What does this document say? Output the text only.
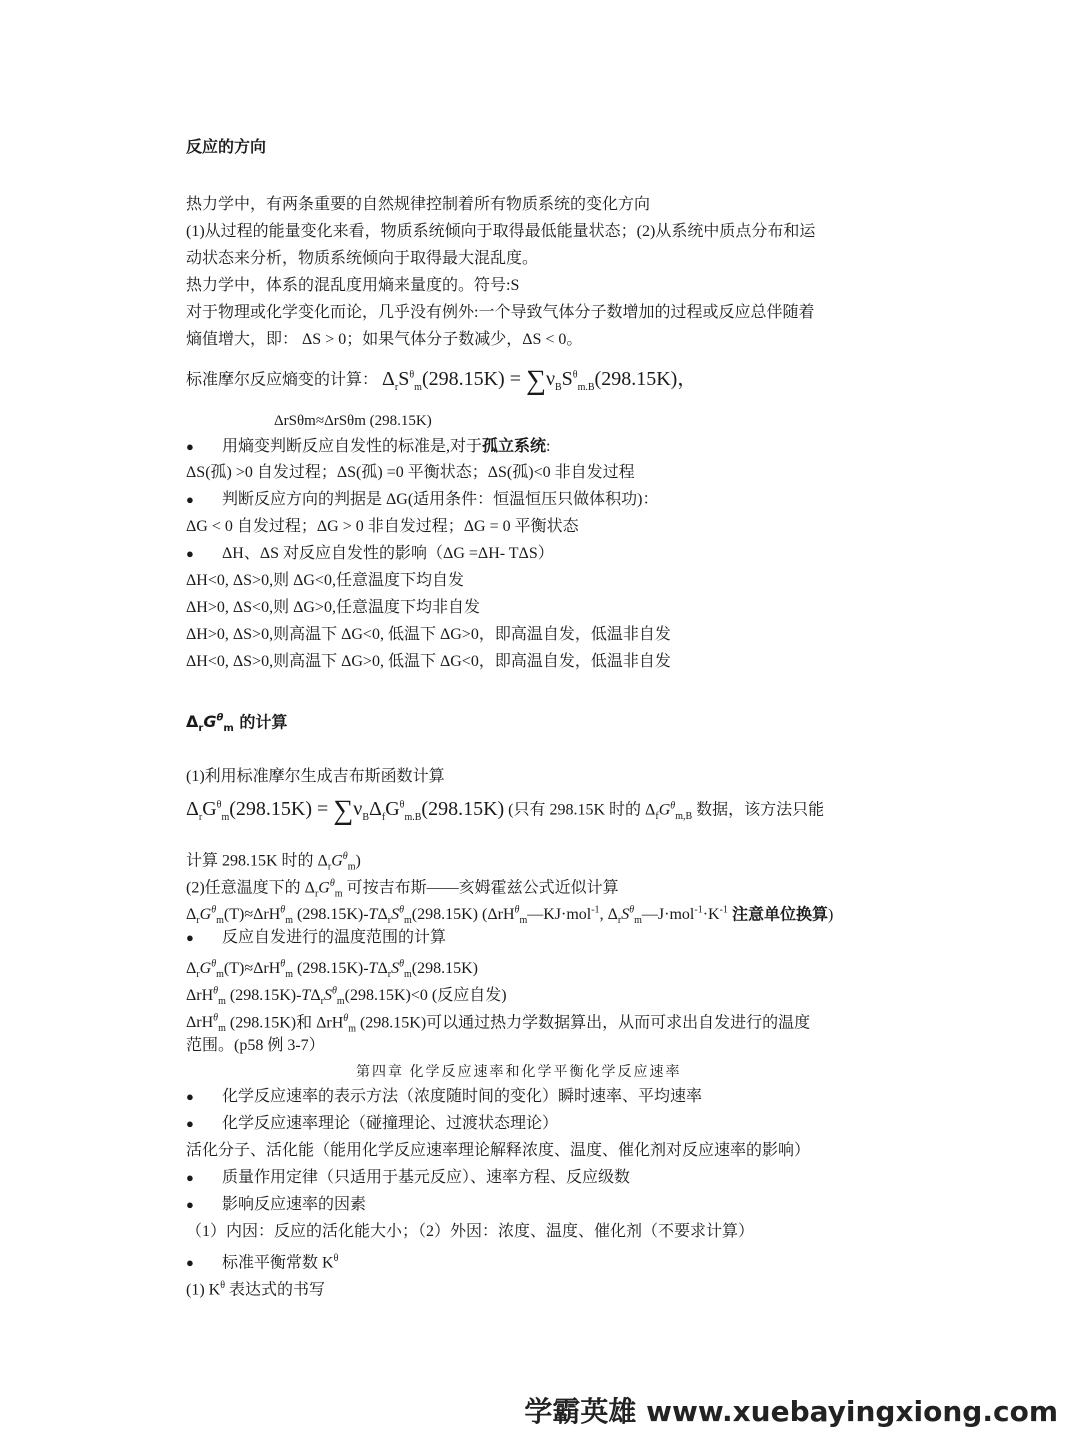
反应的方向
热力学中，有两条重要的自然规律控制着所有物质系统的变化方向
(1)从过程的能量变化来看，物质系统倾向于取得最低能量状态；(2)从系统中质点分布和运
动状态来分析，物质系统倾向于取得最大混乱度。
热力学中，体系的混乱度用熵来量度的。符号:S
对于物理或化学变化而论，几乎没有例外:一个导致气体分子数增加的过程或反应总伴随着
熵值增大，即： ΔS > 0；如果气体分子数减少，ΔS < 0。
标准摩尔反应熵变的计算： $\Delta_rS^\theta_m(298.15K) = \sum\nu_BS^\theta_{m.B}(298.15K)$，
ΔrSθm≈ΔrSθm (298.15K)
●用熵变判断反应自发性的标准是,对于孤立系统:
ΔS(孤) >0 自发过程；ΔS(孤) =0 平衡状态；ΔS(孤)<0 非自发过程
●判断反应方向的判据是 ΔG(适用条件：恒温恒压只做体积功)：
ΔG < 0 自发过程；ΔG > 0 非自发过程；ΔG = 0 平衡状态
●ΔH、ΔS 对反应自发性的影响（ΔG =ΔH- TΔS）
ΔH<0, ΔS>0,则 ΔG<0,任意温度下均自发
ΔH>0, ΔS<0,则 ΔG>0,任意温度下均非自发
ΔH>0, ΔS>0,则高温下 ΔG<0, 低温下 ΔG>0，即高温自发，低温非自发
ΔH<0, ΔS>0,则高温下 ΔG>0, 低温下 ΔG<0，即高温自发，低温非自发
$\Delta_rG^\theta_m$ 的计算
(1)利用标准摩尔生成吉布斯函数计算
$\Delta_rG^\theta_m(298.15K) = \sum\nu_B\Delta_fG^\theta_{m.B}(298.15K)$ (只有 298.15K 时的 $\Delta_fG^\theta_{m,B}$ 数据，该方法只能
计算 298.15K 时的 $\Delta_rG^\theta_m$)
(2)任意温度下的 $\Delta_rG^\theta_m$ 可按吉布斯——亥姆霍兹公式近似计算
$\Delta_rG^\theta_m(T)\approx\Delta rH^\theta_m$ $(298.15K)-T\Delta_rS^\theta_m(298.15K)$ (ΔrH$^\theta_m$—KJ·mol$^{-1}$, $\Delta_rS^\theta_m—J\cdot mol^{-1}\cdot K^{-1}$ 注意单位换算)
●反应自发进行的温度范围的计算
$\Delta_rG^\theta_m(T)\approx\Delta rH^\theta_m$ $(298.15K)-T\Delta_rS^\theta_m(298.15K)$
ΔrH$^\theta_m$ $(298.15K)-T\Delta_rS^\theta_m(298.15K)<0$ (反应自发)
ΔrH$^\theta_m$ (298.15K)和 ΔrH$^\theta_m$ (298.15K)可以通过热力学数据算出，从而可求出自发进行的温度
范围。(p58 例 3-7）
第四章 化学反应速率和化学平衡化学反应速率
●化学反应速率的表示方法（浓度随时间的变化）瞬时速率、平均速率
●化学反应速率理论（碰撞理论、过渡状态理论）
活化分子、活化能（能用化学反应速率理论解释浓度、温度、催化剂对反应速率的影响）
●质量作用定律（只适用于基元反应）、速率方程、反应级数
●影响反应速率的因素
（1）内因：反应的活化能大小；（2）外因：浓度、温度、催化剂（不要求计算）
●标准平衡常数 $K^\theta$
(1) $K^\theta$ 表达式的书写
学霸英雄 www.xuebayingxiong.com
